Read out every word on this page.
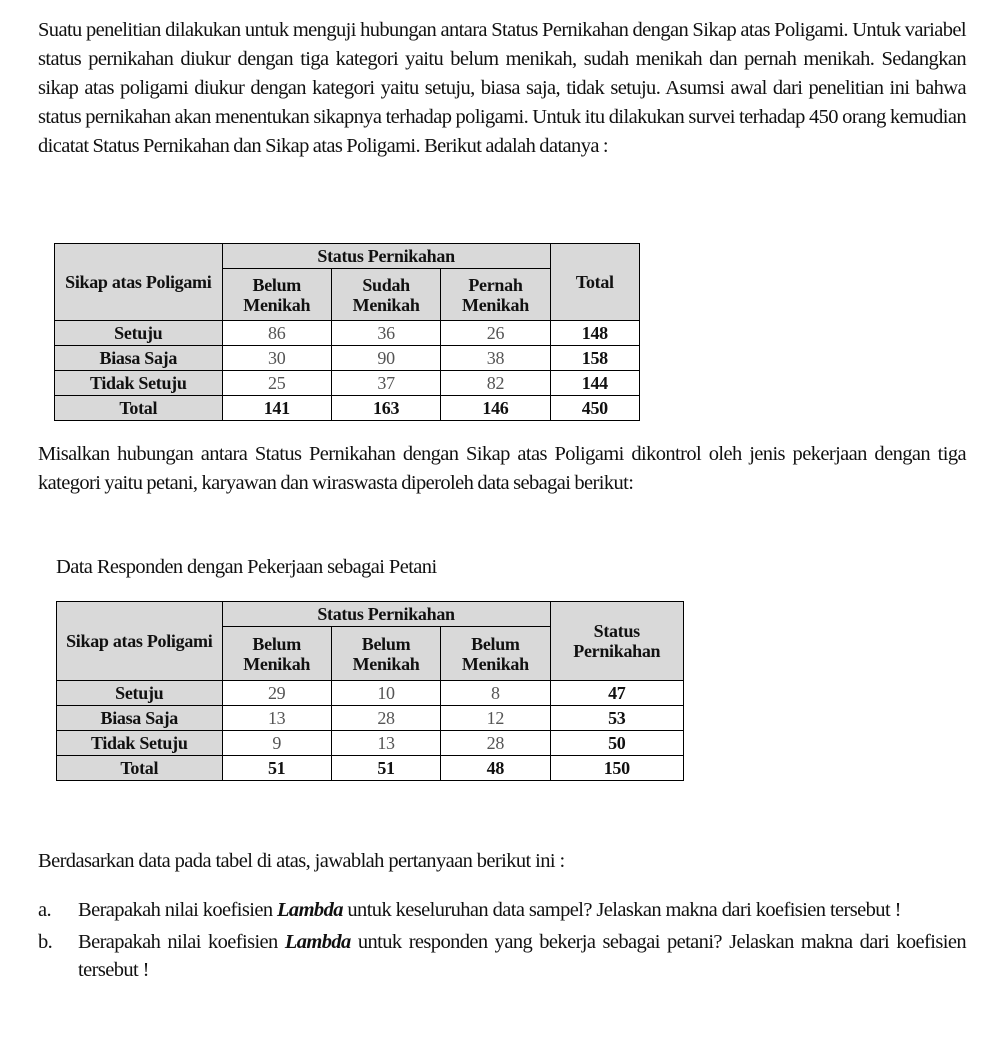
Suatu penelitian dilakukan untuk menguji hubungan antara Status Pernikahan dengan Sikap atas Poligami. Untuk variabel status pernikahan diukur dengan tiga kategori yaitu belum menikah, sudah menikah dan pernah menikah. Sedangkan sikap atas poligami diukur dengan kategori yaitu setuju, biasa saja, tidak setuju. Asumsi awal dari penelitian ini bahwa status pernikahan akan menentukan sikapnya terhadap poligami. Untuk itu dilakukan survei terhadap 450 orang kemudian dicatat Status Pernikahan dan Sikap atas Poligami. Berikut adalah datanya :

Sikap atas Poligami	Status Pernikahan			Total
	Belum Menikah	Sudah Menikah	Pernah Menikah	
Setuju	86	36	26	148
Biasa Saja	30	90	38	158
Tidak Setuju	25	37	82	144
Total	141	163	146	450

Misalkan hubungan antara Status Pernikahan dengan Sikap atas Poligami dikontrol oleh jenis pekerjaan dengan tiga kategori yaitu petani, karyawan dan wiraswasta diperoleh data sebagai berikut:

Data Responden dengan Pekerjaan sebagai Petani
Sikap atas Poligami	Status Pernikahan			Status Pernikahan
	Belum Menikah	Belum Menikah	Belum Menikah	
Setuju	29	10	8	47
Biasa Saja	13	28	12	53
Tidak Setuju	9	13	28	50
Total	51	51	48	150
Berdasarkan data pada tabel di atas, jawablah pertanyaan berikut ini :
a.	Berapakah nilai koefisien Lambda untuk keseluruhan data sampel? Jelaskan makna dari koefisien tersebut !
b.	Berapakah nilai koefisien Lambda untuk responden yang bekerja sebagai petani? Jelaskan makna dari koefisien tersebut !
